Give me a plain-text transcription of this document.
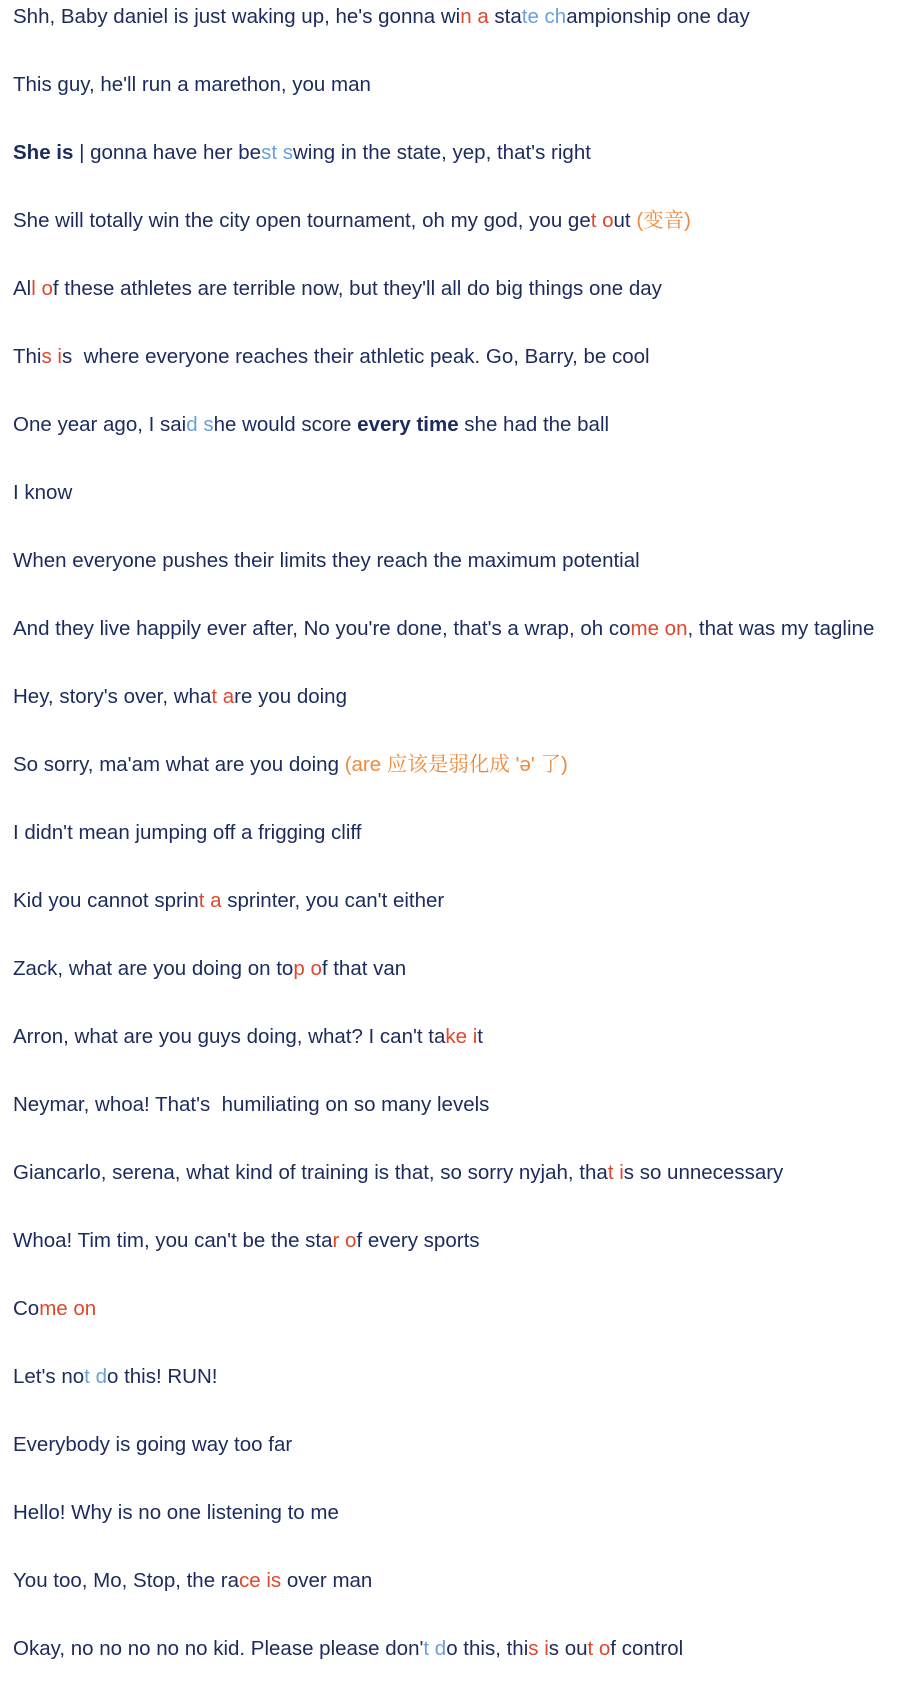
Shh, Baby daniel is just waking up, he's gonna win a state championship one day

This guy, he'll run a marethon, you man

She is | gonna have her best swing in the state, yep, that's right

She will totally win the city open tournament, oh my god, you get out (变音)

All of these athletes are terrible now, but they'll all do big things one day

This is  where everyone reaches their athletic peak. Go, Barry, be cool

One year ago, I said she would score every time she had the ball

I know

When everyone pushes their limits they reach the maximum potential

And they live happily ever after, No you're done, that's a wrap, oh come on, that was my tagline

Hey, story's over, what are you doing

So sorry, ma'am what are you doing (are 应该是弱化成 'ə' 了)

I didn't mean jumping off a frigging cliff

Kid you cannot sprint a sprinter, you can't either

Zack, what are you doing on top of that van

Arron, what are you guys doing, what? I can't take it

Neymar, whoa! That's  humiliating on so many levels

Giancarlo, serena, what kind of training is that, so sorry nyjah, that is so unnecessary

Whoa! Tim tim, you can't be the star of every sports

Come on

Let's not do this! RUN!

Everybody is going way too far

Hello! Why is no one listening to me

You too, Mo, Stop, the race is over man

Okay, no no no no no kid. Please please don't do this, this is out of control
